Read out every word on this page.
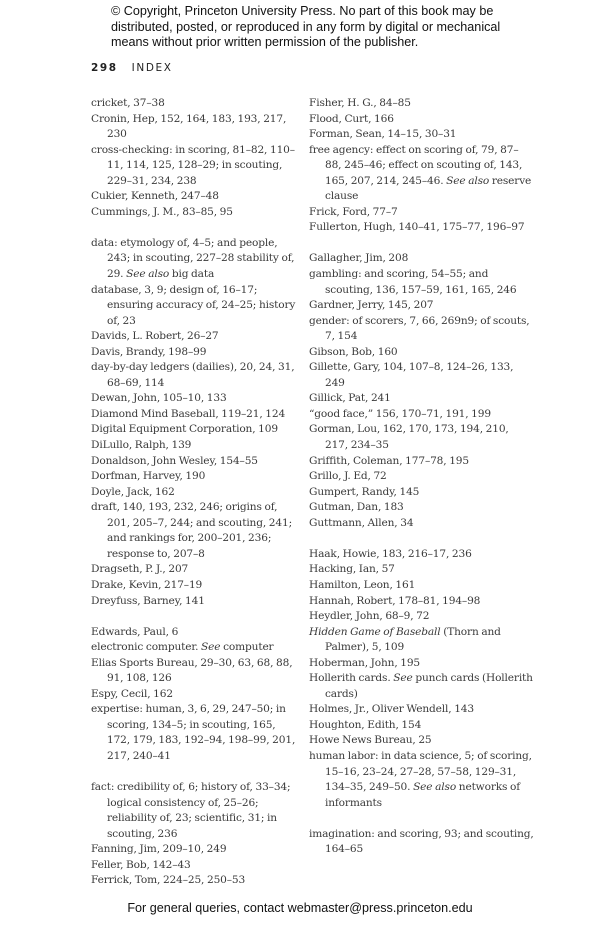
© Copyright, Princeton University Press. No part of this book may be distributed, posted, or reproduced in any form by digital or mechanical means without prior written permission of the publisher.
298 INDEX

cricket, 37–38

Cronin, Hep, 152, 164, 183, 193, 217, 230

cross-checking: in scoring, 81–82, 110–11, 114, 125, 128–29; in scouting, 229–31, 234, 238

Cukier, Kenneth, 247–48

Cummings, J. M., 83–85, 95

data: etymology of, 4–5; and people, 243; in scouting, 227–28 stability of, 29. See also big data

database, 3, 9; design of, 16–17; ensuring accuracy of, 24–25; history of, 23

Davids, L. Robert, 26–27

Davis, Brandy, 198–99

day-by-day ledgers (dailies), 20, 24, 31, 68–69, 114

Dewan, John, 105–10, 133

Diamond Mind Baseball, 119–21, 124

Digital Equipment Corporation, 109

DiLullo, Ralph, 139

Donaldson, John Wesley, 154–55

Dorfman, Harvey, 190

Doyle, Jack, 162

draft, 140, 193, 232, 246; origins of, 201, 205–7, 244; and scouting, 241; and rankings for, 200–201, 236; response to, 207–8

Dragseth, P. J., 207

Drake, Kevin, 217–19

Dreyfuss, Barney, 141

Edwards, Paul, 6

electronic computer. See computer

Elias Sports Bureau, 29–30, 63, 68, 88, 91, 108, 126

Espy, Cecil, 162

expertise: human, 3, 6, 29, 247–50; in scoring, 134–5; in scouting, 165, 172, 179, 183, 192–94, 198–99, 201, 217, 240–41

fact: credibility of, 6; history of, 33–34; logical consistency of, 25–26; reliability of, 23; scientific, 31; in scouting, 236

Fanning, Jim, 209–10, 249

Feller, Bob, 142–43

Ferrick, Tom, 224–25, 250–53

Fisher, H. G., 84–85

Flood, Curt, 166

Forman, Sean, 14–15, 30–31

free agency: effect on scoring of, 79, 87–88, 245–46; effect on scouting of, 143, 165, 207, 214, 245–46. See also reserve clause

Frick, Ford, 77–7

Fullerton, Hugh, 140–41, 175–77, 196–97

Gallagher, Jim, 208

gambling: and scoring, 54–55; and scouting, 136, 157–59, 161, 165, 246

Gardner, Jerry, 145, 207

gender: of scorers, 7, 66, 269n9; of scouts, 7, 154

Gibson, Bob, 160

Gillette, Gary, 104, 107–8, 124–26, 133, 249

Gillick, Pat, 241

“good face,” 156, 170–71, 191, 199

Gorman, Lou, 162, 170, 173, 194, 210, 217, 234–35

Griffith, Coleman, 177–78, 195

Grillo, J. Ed, 72

Gumpert, Randy, 145

Gutman, Dan, 183

Guttmann, Allen, 34

Haak, Howie, 183, 216–17, 236

Hacking, Ian, 57

Hamilton, Leon, 161

Hannah, Robert, 178–81, 194–98

Heydler, John, 68–9, 72

Hidden Game of Baseball (Thorn and Palmer), 5, 109

Hoberman, John, 195

Hollerith cards. See punch cards (Hollerith cards)

Holmes, Jr., Oliver Wendell, 143

Houghton, Edith, 154

Howe News Bureau, 25

human labor: in data science, 5; of scoring, 15–16, 23–24, 27–28, 57–58, 129–31, 134–35, 249–50. See also networks of informants

imagination: and scoring, 93; and scouting, 164–65

For general queries, contact webmaster@press.princeton.edu
